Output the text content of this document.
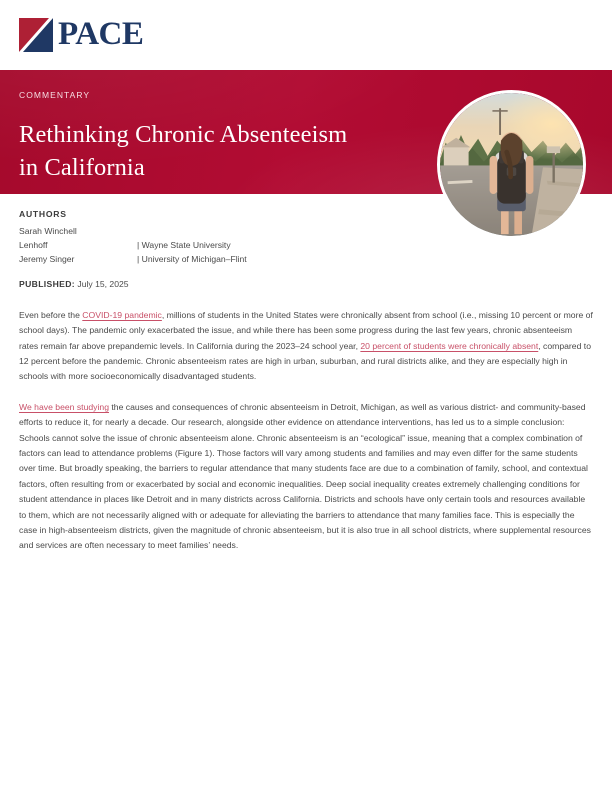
PACE
COMMENTARY
Rethinking Chronic Absenteeism
in California
AUTHORS
Sarah Winchell Lenhoff	| Wayne State University
Jeremy Singer	| University of Michigan–Flint
PUBLISHED: July 15, 2025

Even before the COVID-19 pandemic, millions of students in the United States were chronically absent from school (i.e., missing 10 percent or more of school days). The pandemic only exacerbated the issue, and while there has been some progress during the last few years, chronic absenteeism rates remain far above prepandemic levels. In California during the 2023–24 school year, 20 percent of students were chronically absent, compared to 12 percent before the pandemic. Chronic absenteeism rates are high in urban, suburban, and rural districts alike, and they are especially high in schools with more socioeconomically disadvantaged students.

We have been studying the causes and consequences of chronic absenteeism in Detroit, Michigan, as well as various district- and community-based efforts to reduce it, for nearly a decade. Our research, alongside other evidence on attendance interventions, has led us to a simple conclusion: Schools cannot solve the issue of chronic absenteeism alone. Chronic absenteeism is an “ecological” issue, meaning that a complex combination of factors can lead to attendance problems (Figure 1). Those factors will vary among students and families and may even differ for the same students over time. But broadly speaking, the barriers to regular attendance that many students face are due to a combination of family, school, and contextual factors, often resulting from or exacerbated by social and economic inequalities. Deep social inequality creates extremely challenging conditions for student attendance in places like Detroit and in many districts across California. Districts and schools have only certain tools and resources available to them, which are not necessarily aligned with or adequate for alleviating the barriers to attendance that many families face. This is especially the case in high-absenteeism districts, given the magnitude of chronic absenteeism, but it is also true in all school districts, where supplemental resources and services are often necessary to meet families’ needs.
